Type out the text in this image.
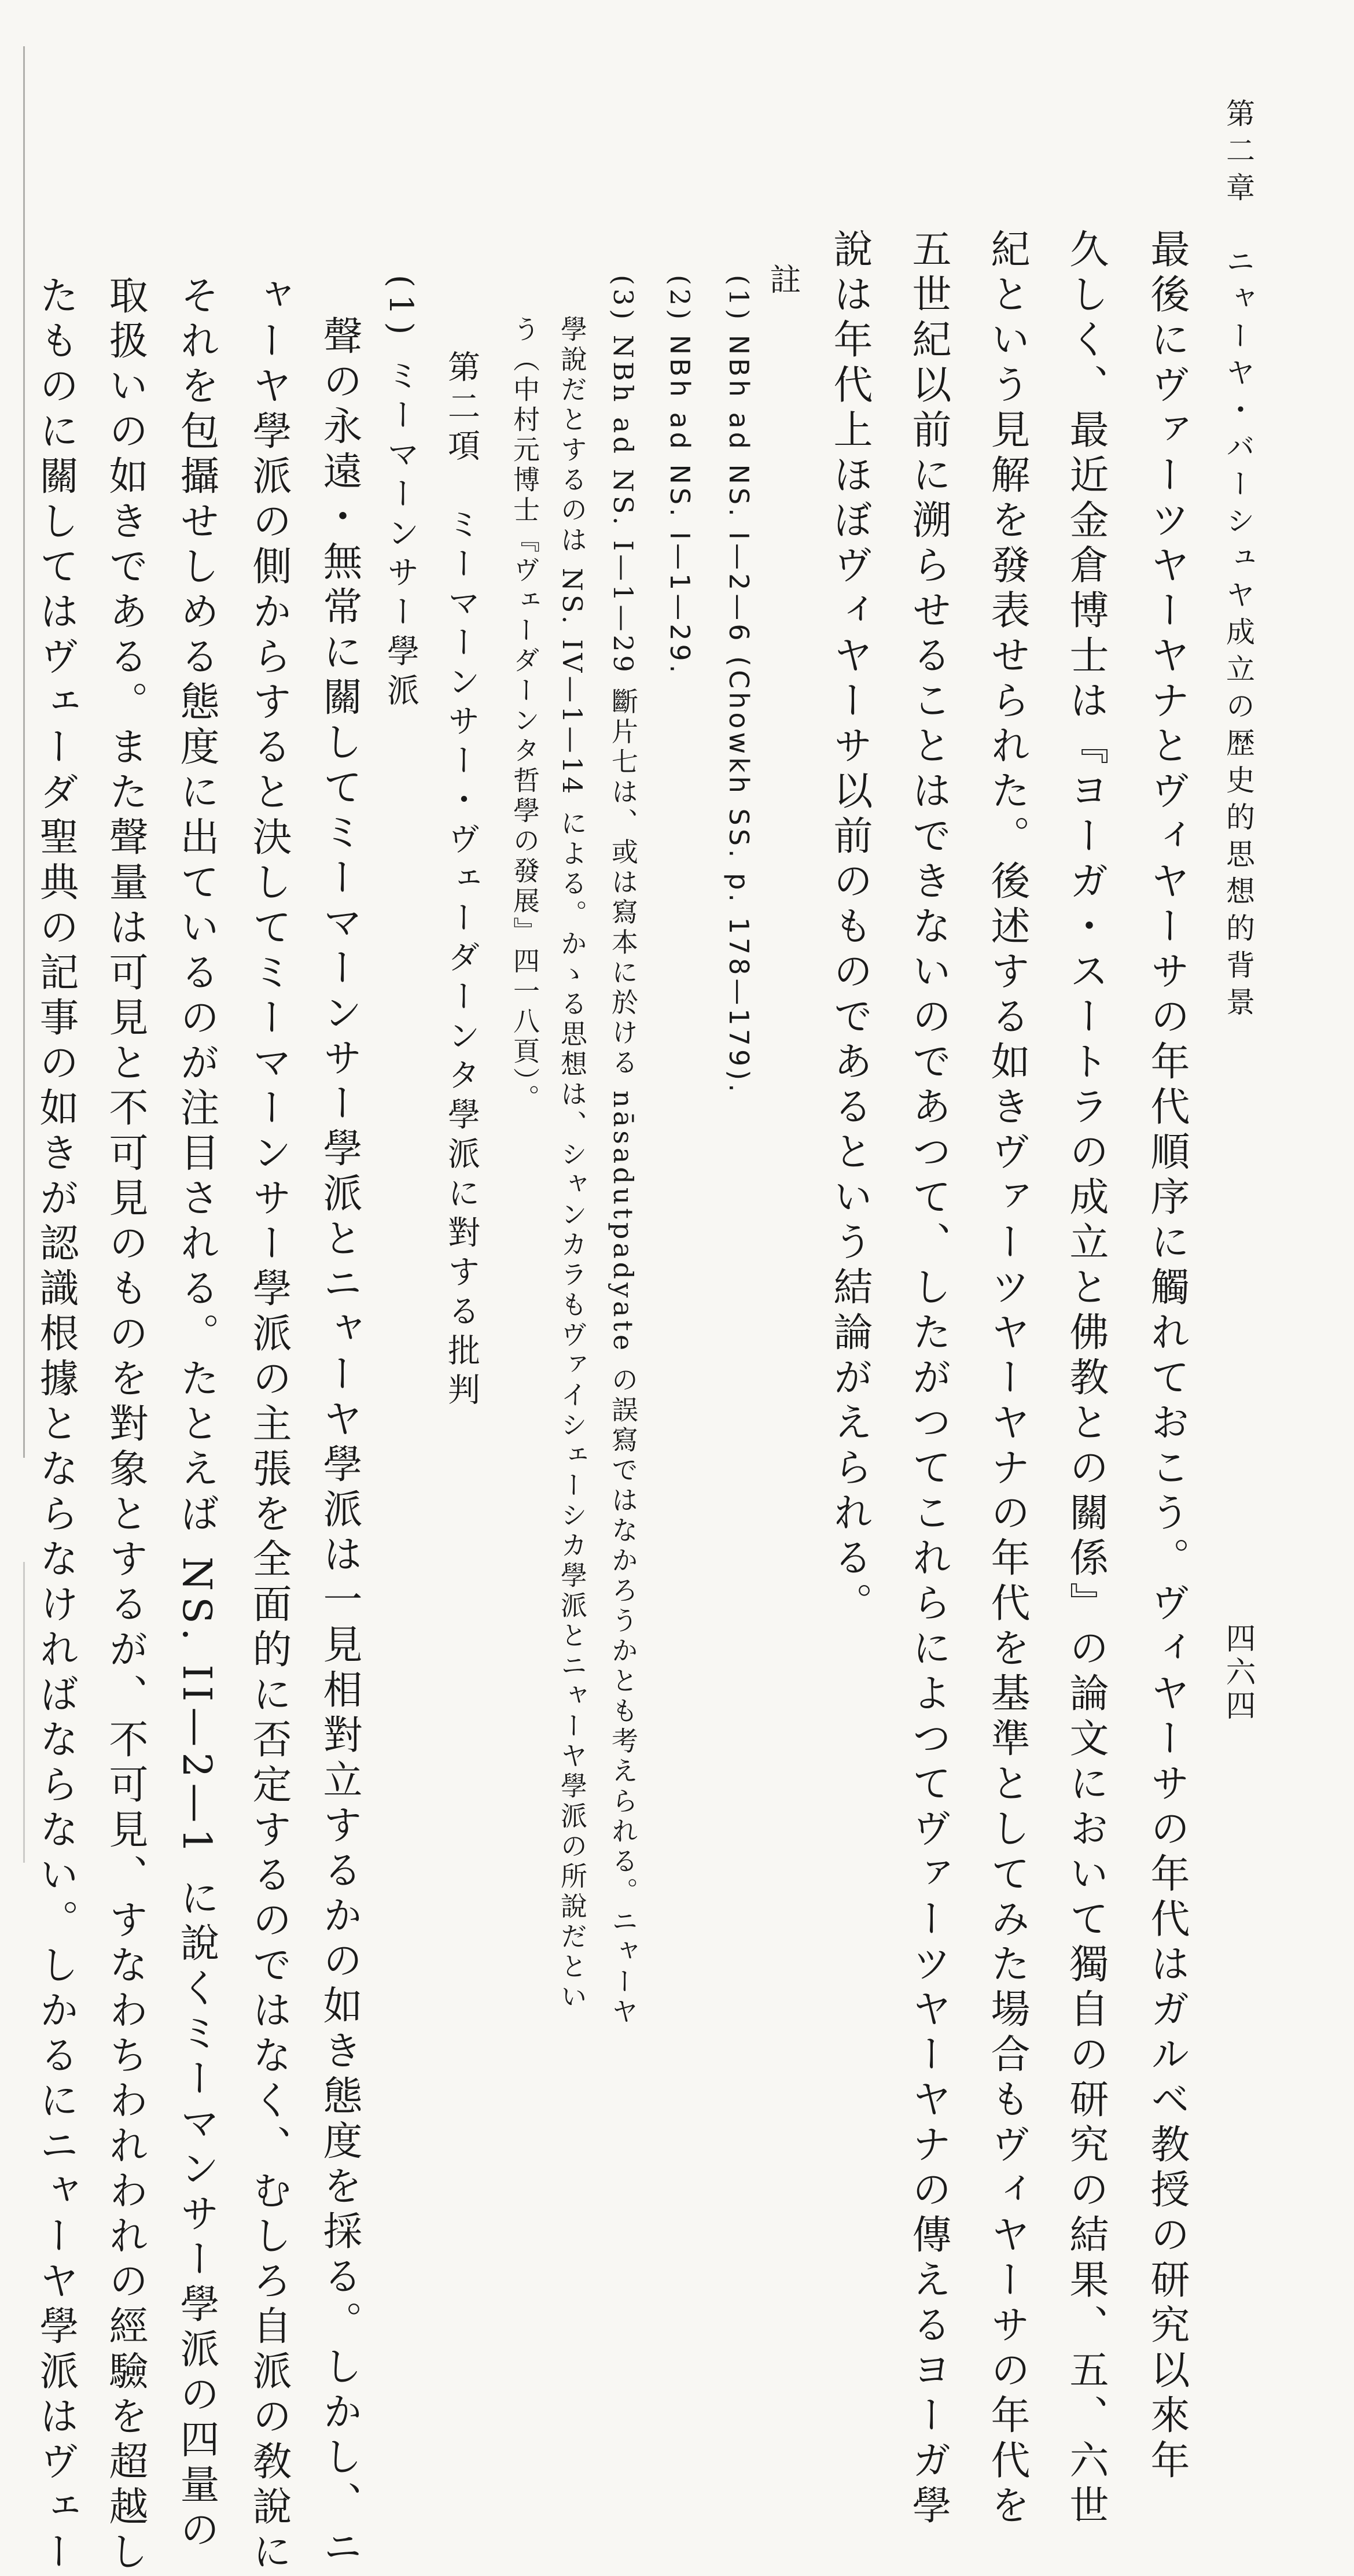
第二章　ニャーヤ・バーシュヤ成立の歴史的思想的背景
四六四
最後にヴァーツヤーヤナとヴィヤーサの年代順序に觸れておこう。ヴィヤーサの年代はガルベ教授の研究以來年
久しく、最近金倉博士は『ヨーガ・スートラの成立と佛教との關係』の論文において獨自の研究の結果、五、六世
紀という見解を發表せられた。後述する如きヴァーツヤーヤナの年代を基準としてみた場合もヴィヤーサの年代を
五世紀以前に溯らせることはできないのであつて、したがつてこれらによつてヴァーツヤーヤナの傳えるヨーガ學
說は年代上ほぼヴィヤーサ以前のものであるという結論がえられる。
註
(1) NBh ad NS. I—2—6 (Chowkh SS. p. 178—179).
(2) NBh ad NS. I—1—29.
(3) NBh ad NS. I—1—29 斷片七は、或は寫本に於ける nāsadutpadyate の誤寫ではなかろうかとも考えられる。ニャーヤ
學說だとするのは NS. IV—1—14 による。かゝる思想は、シャンカラもヴァイシェーシカ學派とニャーヤ學派の所說だとい
う（中村元博士『ヴェーダーンタ哲學の發展』四一八頁）。
第二項　ミーマーンサー・ヴェーダーンタ學派に對する批判
(1) ミーマーンサー學派
聲の永遠・無常に關してミーマーンサー學派とニャーヤ學派は一見相對立するかの如き態度を採る。しかし、ニ
ャーヤ學派の側からすると決してミーマーンサー學派の主張を全面的に否定するのではなく、むしろ自派の敎說に
それを包攝せしめる態度に出ているのが注目される。たとえば NS. II—2—1 に說くミーマンサー學派の四量の
取扱いの如きである。また聲量は可見と不可見のものを對象とするが、不可見、すなわちわれわれの經驗を超越し
たものに關してはヴェーダ聖典の記事の如きが認識根據とならなければならない。しかるにニャーヤ學派はヴェー
